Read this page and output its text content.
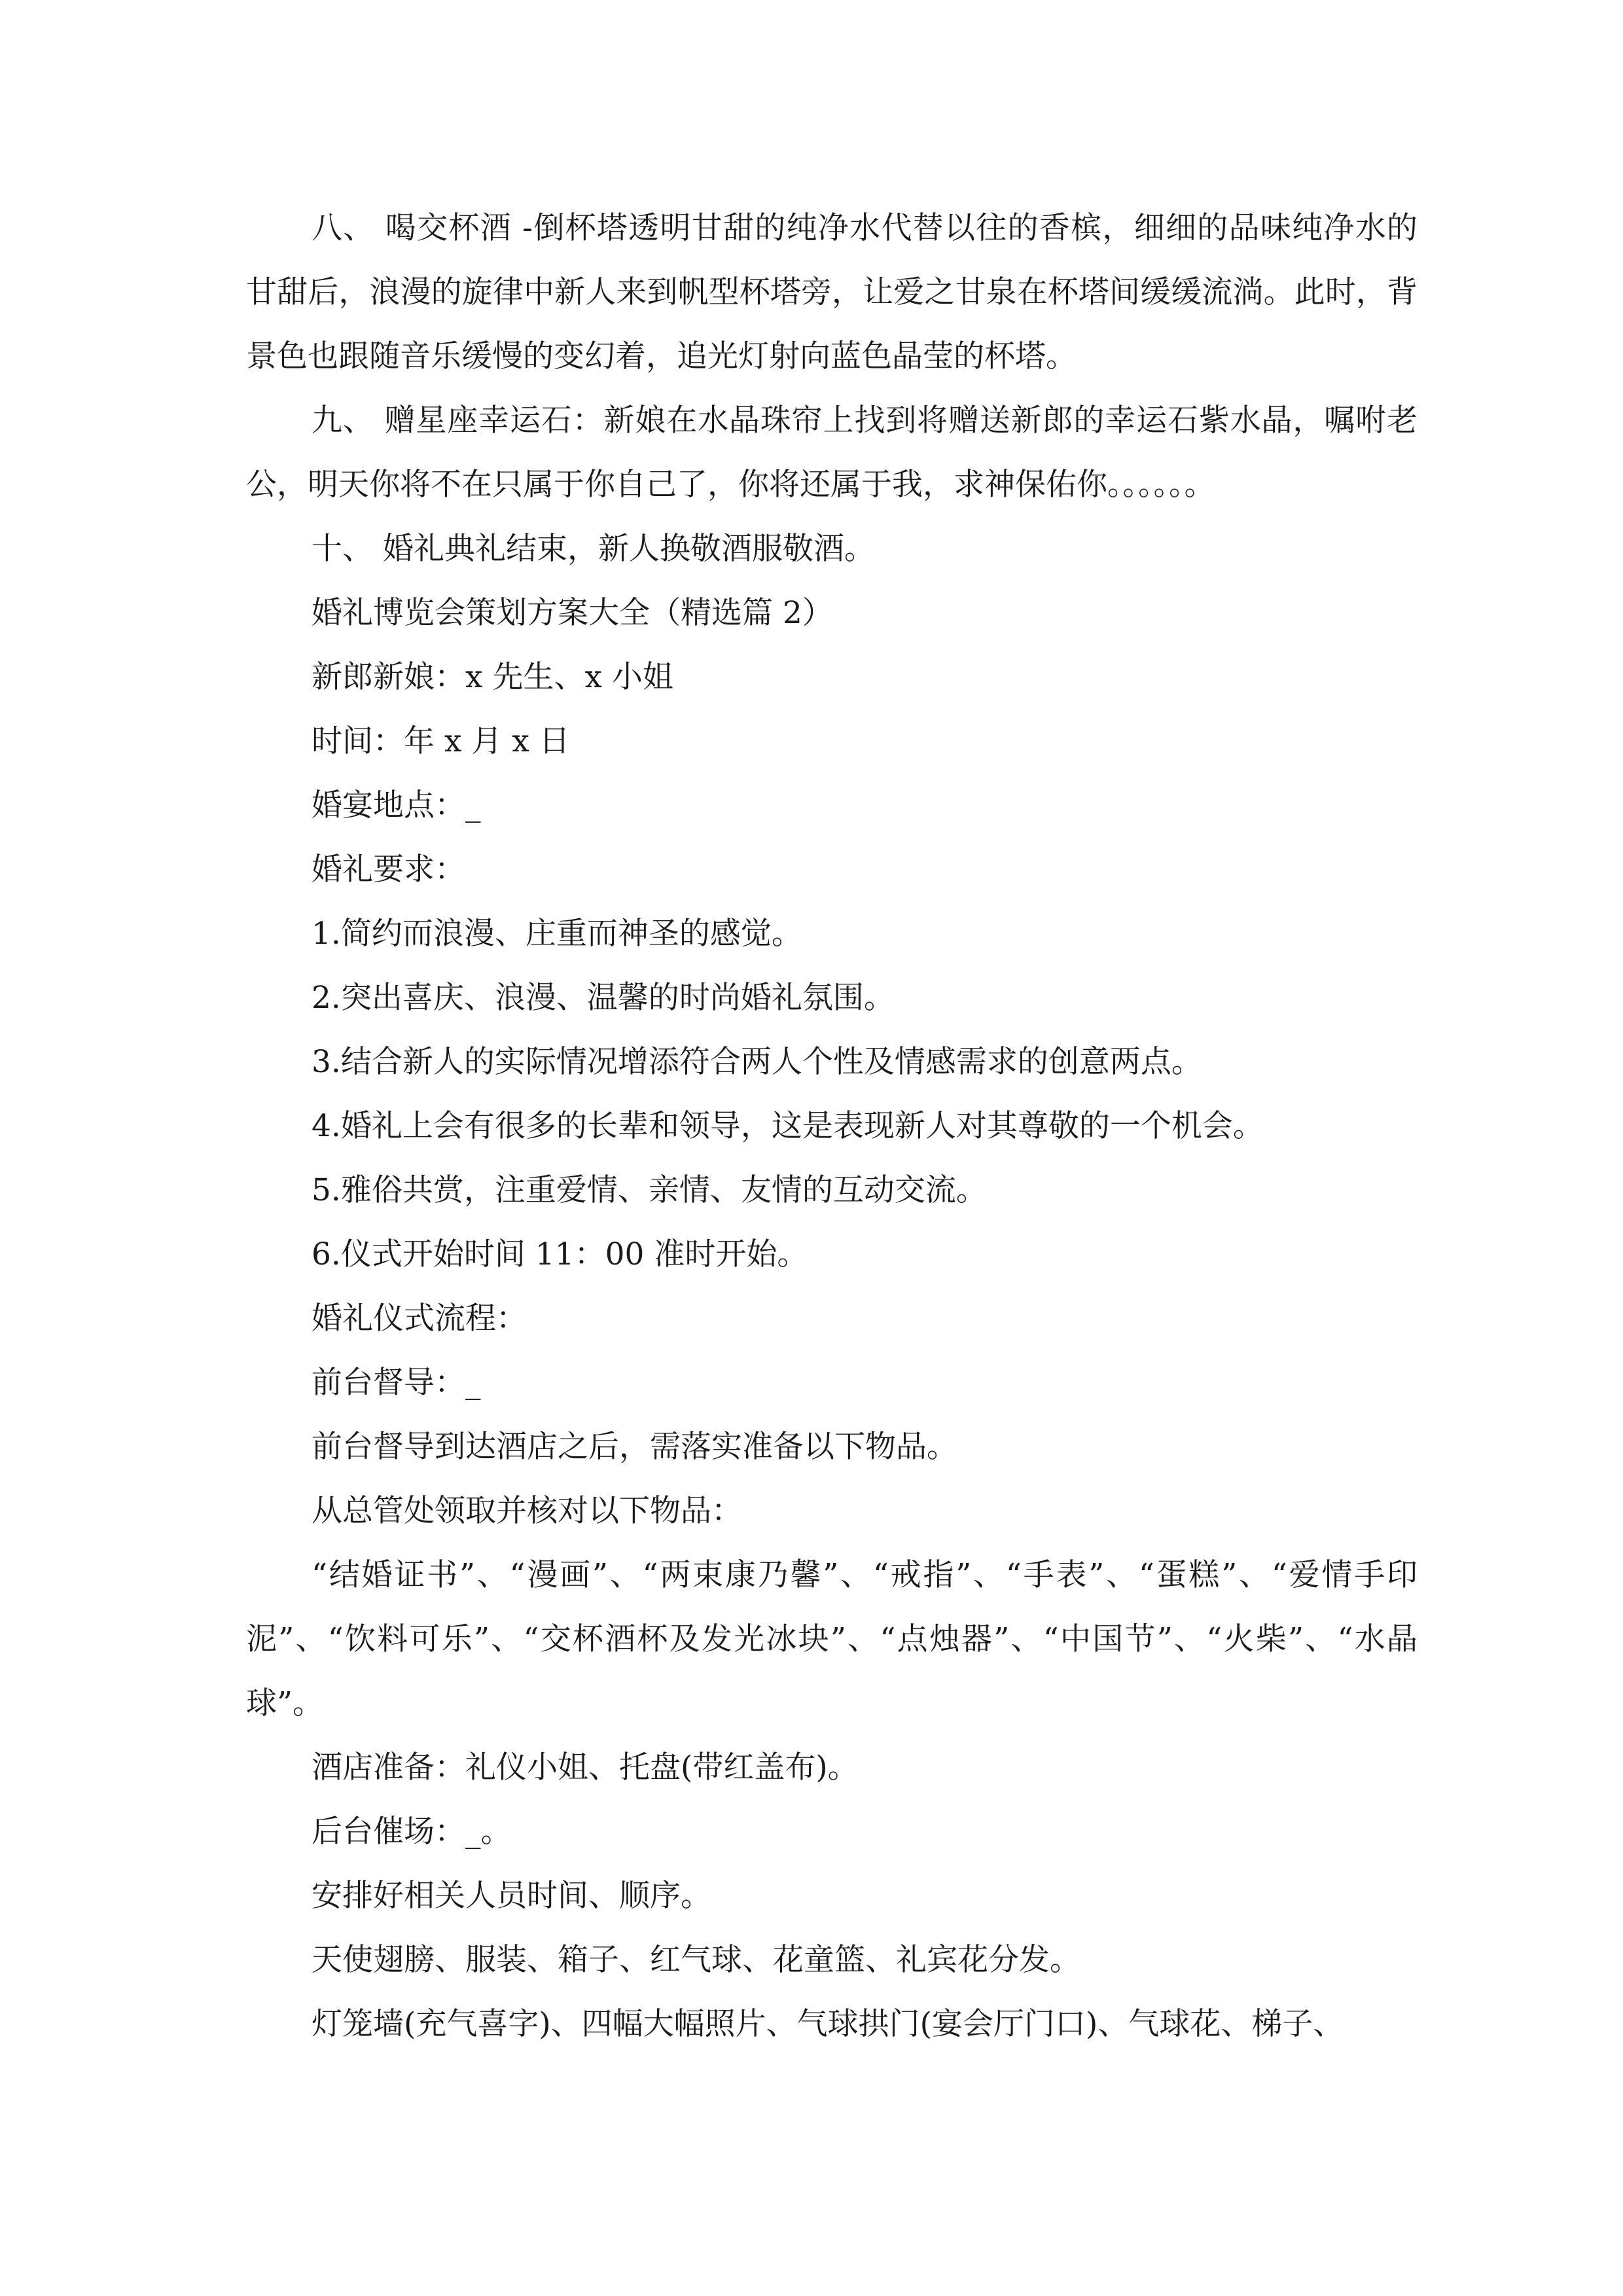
八、 喝交杯酒 -倒杯塔透明甘甜的纯净水代替以往的香槟，细细的品味纯净水的甘甜后，浪漫的旋律中新人来到帆型杯塔旁，让爱之甘泉在杯塔间缓缓流淌。此时，背景色也跟随音乐缓慢的变幻着，追光灯射向蓝色晶莹的杯塔。

九、 赠星座幸运石：新娘在水晶珠帘上找到将赠送新郎的幸运石紫水晶，嘱咐老公，明天你将不在只属于你自己了，你将还属于我，求神保佑你。。。。。。

十、 婚礼典礼结束，新人换敬酒服敬酒。

婚礼博览会策划方案大全（精选篇 2）

新郎新娘：x 先生、x 小姐

时间：年 x 月 x 日

婚宴地点：_

婚礼要求：

1.简约而浪漫、庄重而神圣的感觉。

2.突出喜庆、浪漫、温馨的时尚婚礼氛围。

3.结合新人的实际情况增添符合两人个性及情感需求的创意两点。

4.婚礼上会有很多的长辈和领导，这是表现新人对其尊敬的一个机会。

5.雅俗共赏，注重爱情、亲情、友情的互动交流。

6.仪式开始时间 11：00 准时开始。

婚礼仪式流程：

前台督导：_

前台督导到达酒店之后，需落实准备以下物品。

从总管处领取并核对以下物品：

“结婚证书”、“漫画”、“两束康乃馨”、“戒指”、“手表”、“蛋糕”、“爱情手印泥”、“饮料可乐”、“交杯酒杯及发光冰块”、“点烛器”、“中国节”、“火柴”、“水晶球”。

酒店准备：礼仪小姐、托盘(带红盖布)。

后台催场：_。

安排好相关人员时间、顺序。

天使翅膀、服装、箱子、红气球、花童篮、礼宾花分发。

灯笼墙(充气喜字)、四幅大幅照片、气球拱门(宴会厅门口)、气球花、梯子、
